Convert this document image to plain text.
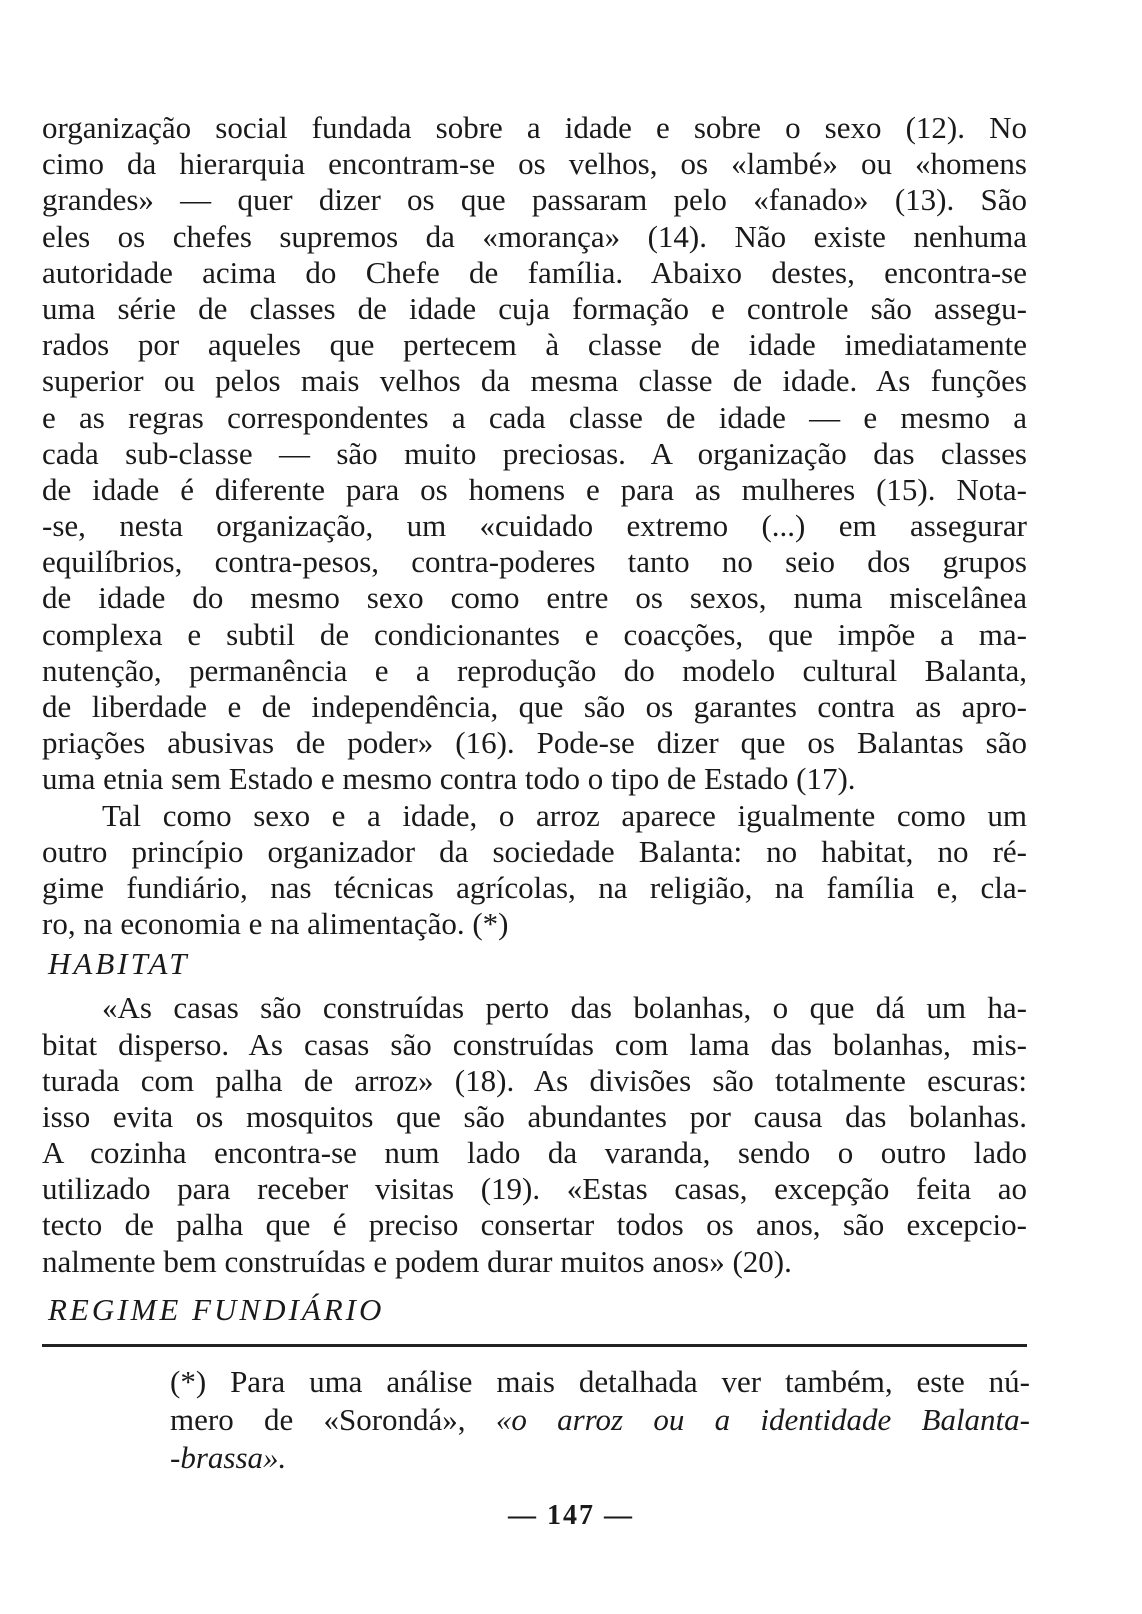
organização social fundada sobre a idade e sobre o sexo (12). No
cimo da hierarquia encontram-se os velhos, os «lambé» ou «homens
grandes» — quer dizer os que passaram pelo «fanado» (13). São
eles os chefes supremos da «morança» (14). Não existe nenhuma
autoridade acima do Chefe de família. Abaixo destes, encontra-se
uma série de classes de idade cuja formação e controle são assegu-
rados por aqueles que pertecem à classe de idade imediatamente
superior ou pelos mais velhos da mesma classe de idade. As funções
e as regras correspondentes a cada classe de idade — e mesmo a
cada sub-classe — são muito preciosas. A organização das classes
de idade é diferente para os homens e para as mulheres (15). Nota-
-se, nesta organização, um «cuidado extremo (...) em assegurar
equilíbrios, contra-pesos, contra-poderes tanto no seio dos grupos
de idade do mesmo sexo como entre os sexos, numa miscelânea
complexa e subtil de condicionantes e coacções, que impõe a ma-
nutenção, permanência e a reprodução do modelo cultural Balanta,
de liberdade e de independência, que são os garantes contra as apro-
priações abusivas de poder» (16). Pode-se dizer que os Balantas são
uma etnia sem Estado e mesmo contra todo o tipo de Estado (17).
Tal como sexo e a idade, o arroz aparece igualmente como um
outro princípio organizador da sociedade Balanta: no habitat, no ré-
gime fundiário, nas técnicas agrícolas, na religião, na família e, cla-
ro, na economia e na alimentação. (*)
HABITAT
«As casas são construídas perto das bolanhas, o que dá um ha-
bitat disperso. As casas são construídas com lama das bolanhas, mis-
turada com palha de arroz» (18). As divisões são totalmente escuras:
isso evita os mosquitos que são abundantes por causa das bolanhas.
A cozinha encontra-se num lado da varanda, sendo o outro lado
utilizado para receber visitas (19). «Estas casas, excepção feita ao
tecto de palha que é preciso consertar todos os anos, são excepcio-
nalmente bem construídas e podem durar muitos anos» (20).
REGIME FUNDIÁRIO
(*) Para uma análise mais detalhada ver também, este nú-
mero de «Sorondá», «o arroz ou a identidade Balanta-
-brassa».
— 147 —
